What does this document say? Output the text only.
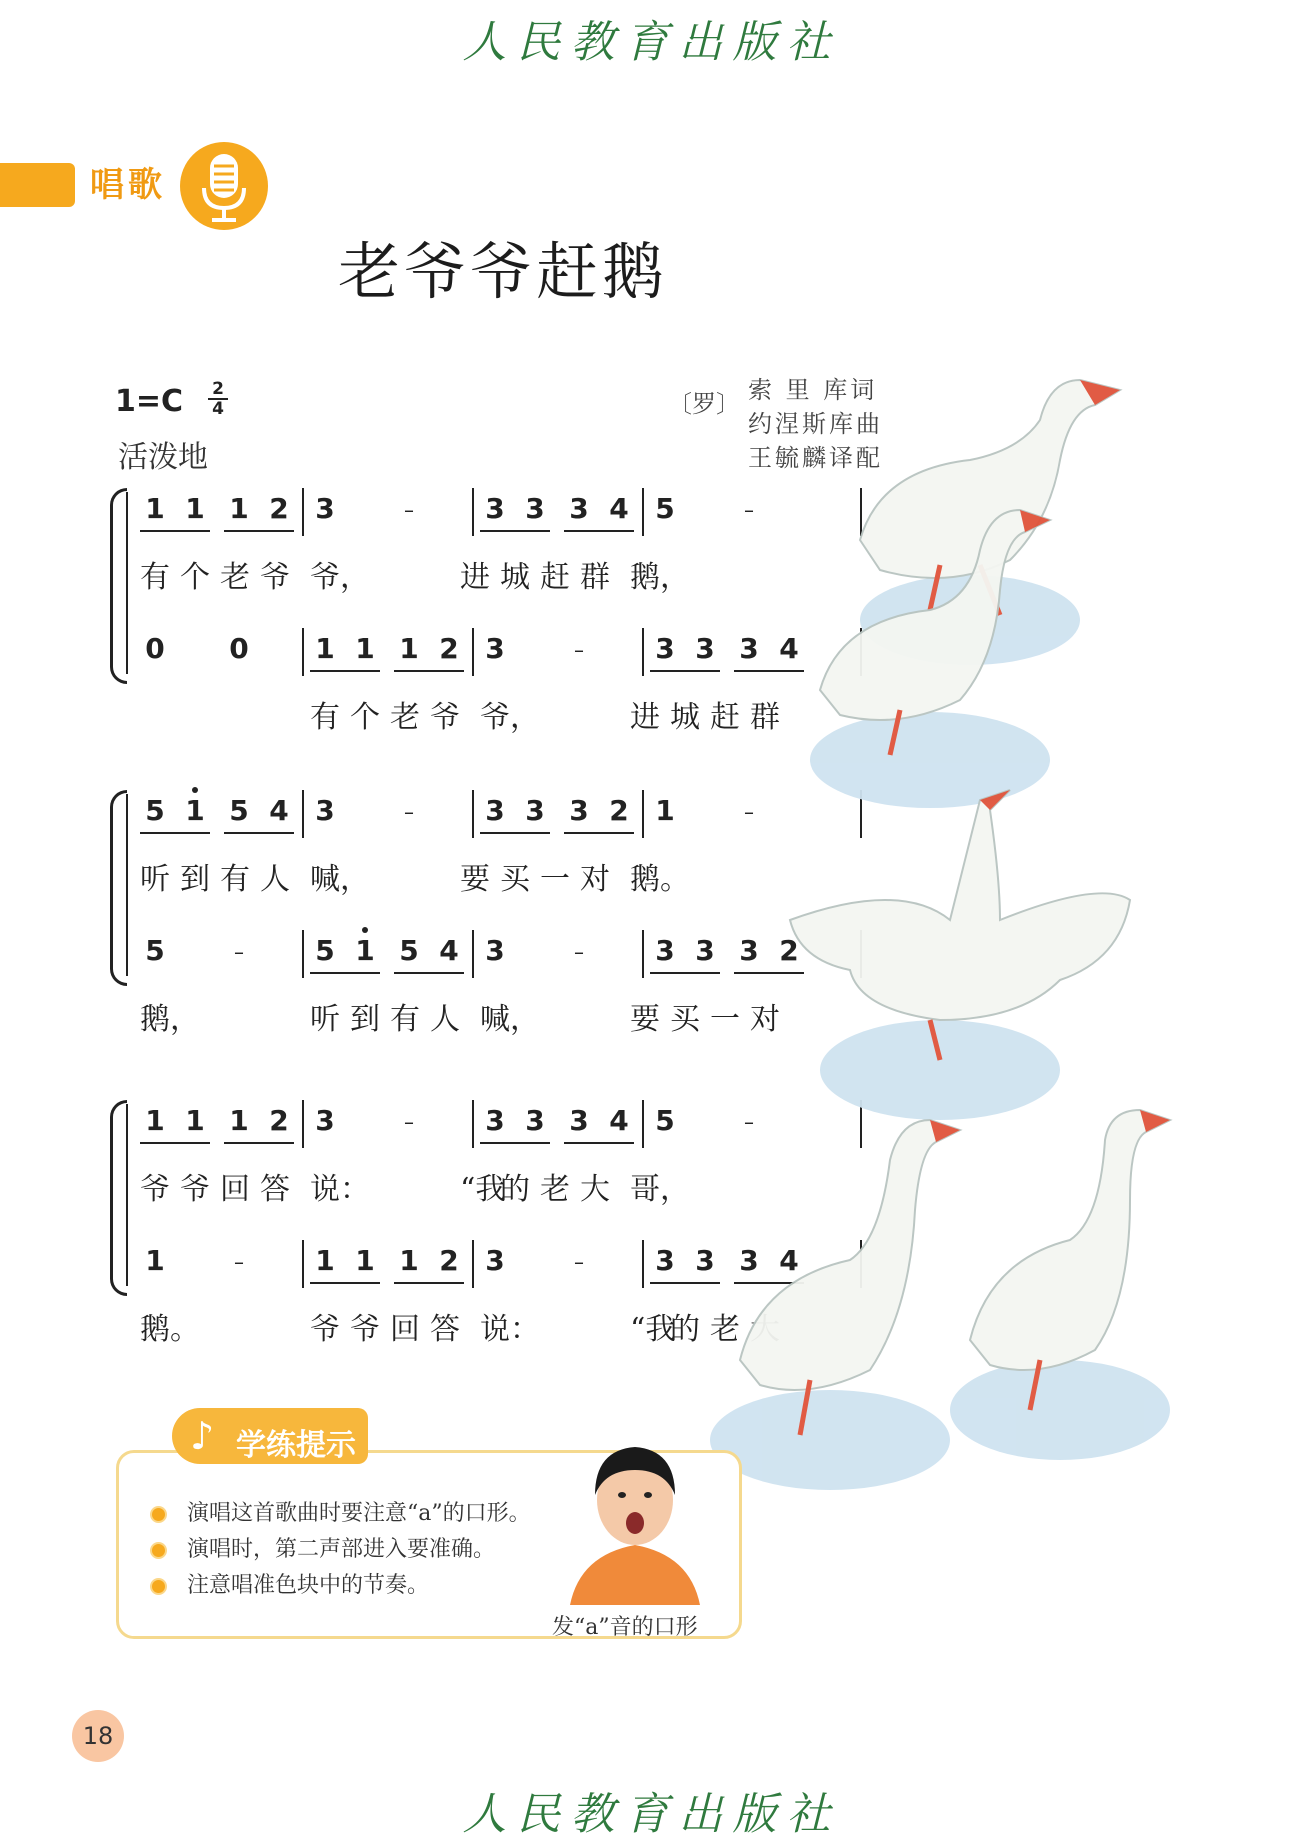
人民教育出版社
人民教育出版社
唱歌
老爷爷赶鹅
1=C	2
4
活泼地
〔罗〕 索 里 库词
约涅斯库曲
王毓麟译配
1 1 1 2 3	–	3 3 3 4 5	–
有 个 老 爷 爷，	进 城 赶 群 鹅，
0 0 1 1 1 2 3	–	3 3 3 4
有 个 老 爷 爷，	进 城 赶 群
5 1 5 4 3	–	3 3 3 2 1	–
听 到 有 人 喊，	要 买 一 对 鹅。
5	–	5 1 5 4 3	–	3 3 3 2
鹅，	听 到 有 人 喊，	要 买 一 对
1 1 1 2 3	–	3 3 3 4 5	–
爷 爷 回 答 说：	“我
的 老 大 哥，
1	–	1 1 1 2 3	–	3 3 3 4
鹅。	爷 爷 回 答 说：	“我
的 老
♪ 学练提示
演唱这首歌曲时要注意“a”的口形。
演唱时，第二声部进入要准确。
注意唱准色块中的节奏。
发“a”音的口形
18
